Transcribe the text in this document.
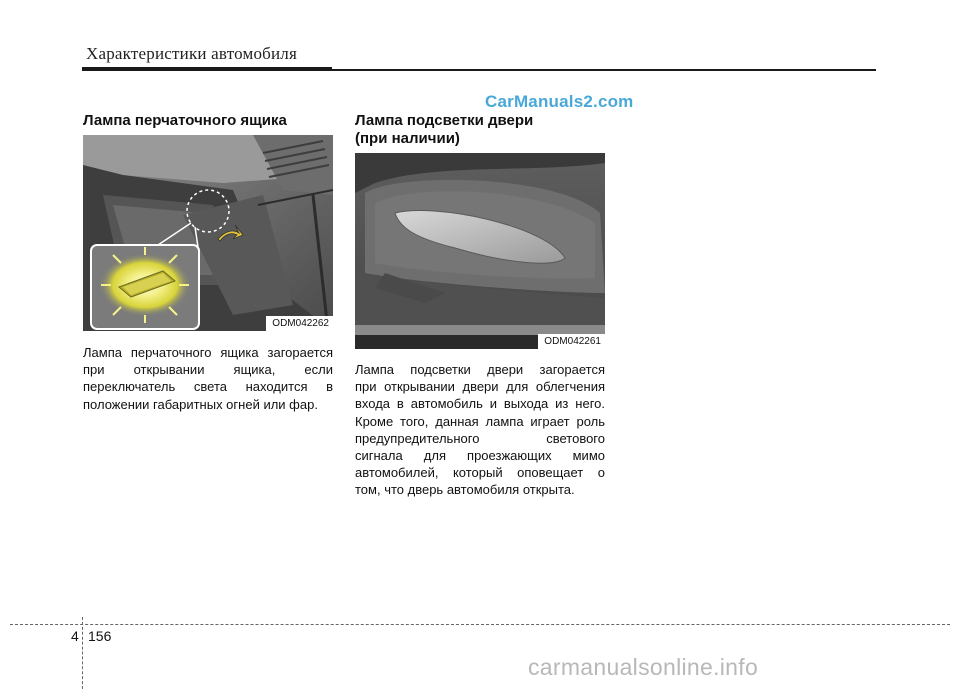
Характеристики автомобиля
CarManuals2.com
Лампа перчаточного ящика
ODM042262
Лампа перчаточного ящика загорается
при открывании ящика, если
переключатель света находится в
положении габаритных огней или фар.
Лампа подсветки двери
(при наличии)
ODM042261
Лампа подсветки двери загорается
при открывании двери для облегчения
входа в автомобиль и выхода из него.
Кроме того, данная лампа играет роль
предупредительного светового
сигнала для проезжающих мимо
автомобилей, который оповещает о
том, что дверь автомобиля открыта.
4 156
carmanualsonline.info
